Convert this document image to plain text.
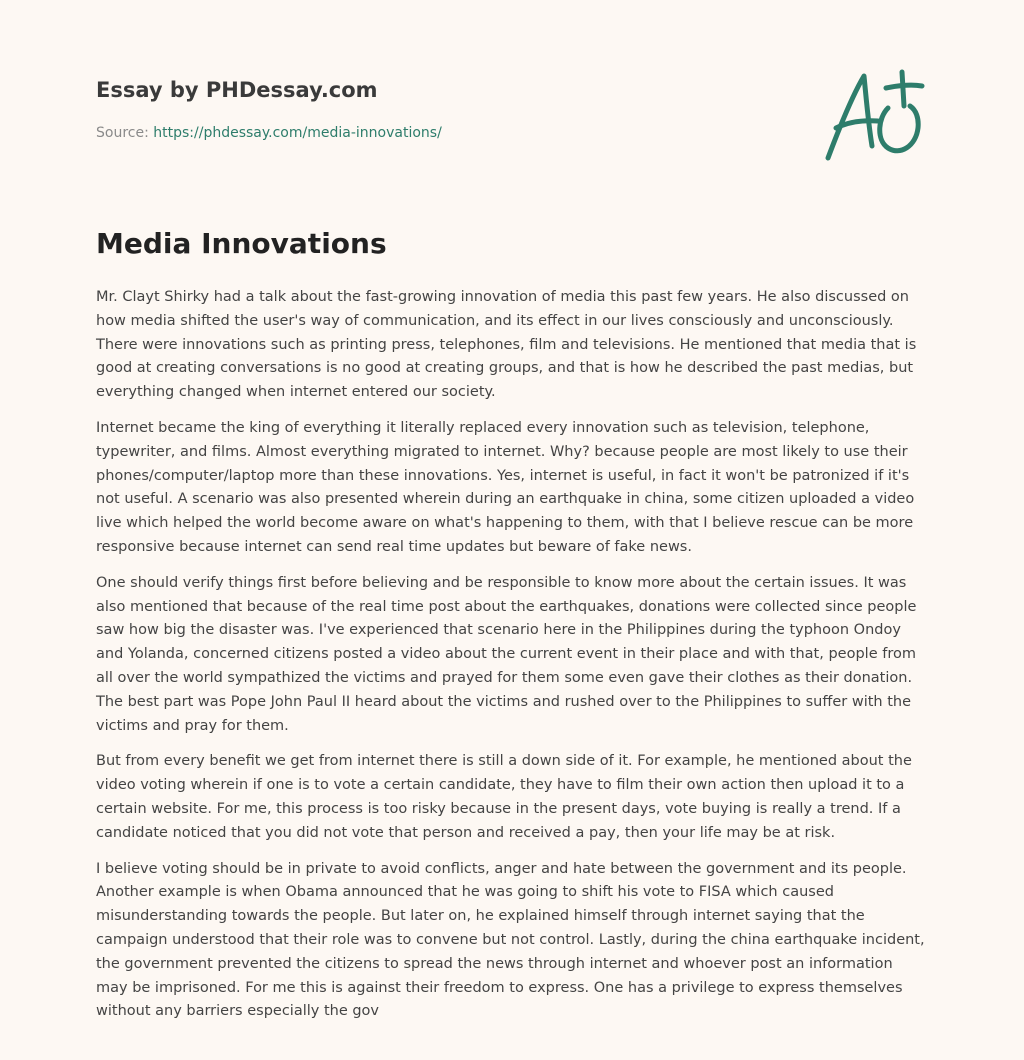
Essay by PHDessay.com
Source: https://phdessay.com/media-innovations/
Media Innovations

Mr. Clayt Shirky had a talk about the fast-growing innovation of media this past few years. He also discussed on how media shifted the user's way of communication, and its effect in our lives consciously and unconsciously. There were innovations such as printing press, telephones, film and televisions. He mentioned that media that is good at creating conversations is no good at creating groups, and that is how he described the past medias, but everything changed when internet entered our society.

Internet became the king of everything it literally replaced every innovation such as television, telephone, typewriter, and films. Almost everything migrated to internet. Why? because people are most likely to use their phones/computer/laptop more than these innovations. Yes, internet is useful, in fact it won't be patronized if it's not useful. A scenario was also presented wherein during an earthquake in china, some citizen uploaded a video live which helped the world become aware on what's happening to them, with that I believe rescue can be more responsive because internet can send real time updates but beware of fake news.

One should verify things first before believing and be responsible to know more about the certain issues. It was also mentioned that because of the real time post about the earthquakes, donations were collected since people saw how big the disaster was. I've experienced that scenario here in the Philippines during the typhoon Ondoy and Yolanda, concerned citizens posted a video about the current event in their place and with that, people from all over the world sympathized the victims and prayed for them some even gave their clothes as their donation. The best part was Pope John Paul II heard about the victims and rushed over to the Philippines to suffer with the victims and pray for them.

But from every benefit we get from internet there is still a down side of it. For example, he mentioned about the video voting wherein if one is to vote a certain candidate, they have to film their own action then upload it to a certain website. For me, this process is too risky because in the present days, vote buying is really a trend. If a candidate noticed that you did not vote that person and received a pay, then your life may be at risk.

I believe voting should be in private to avoid conflicts, anger and hate between the government and its people. Another example is when Obama announced that he was going to shift his vote to FISA which caused misunderstanding towards the people. But later on, he explained himself through internet saying that the campaign understood that their role was to convene but not control. Lastly, during the china earthquake incident, the government prevented the citizens to spread the news through internet and whoever post an information may be imprisoned. For me this is against their freedom to express. One has a privilege to express themselves without any barriers especially the gov
